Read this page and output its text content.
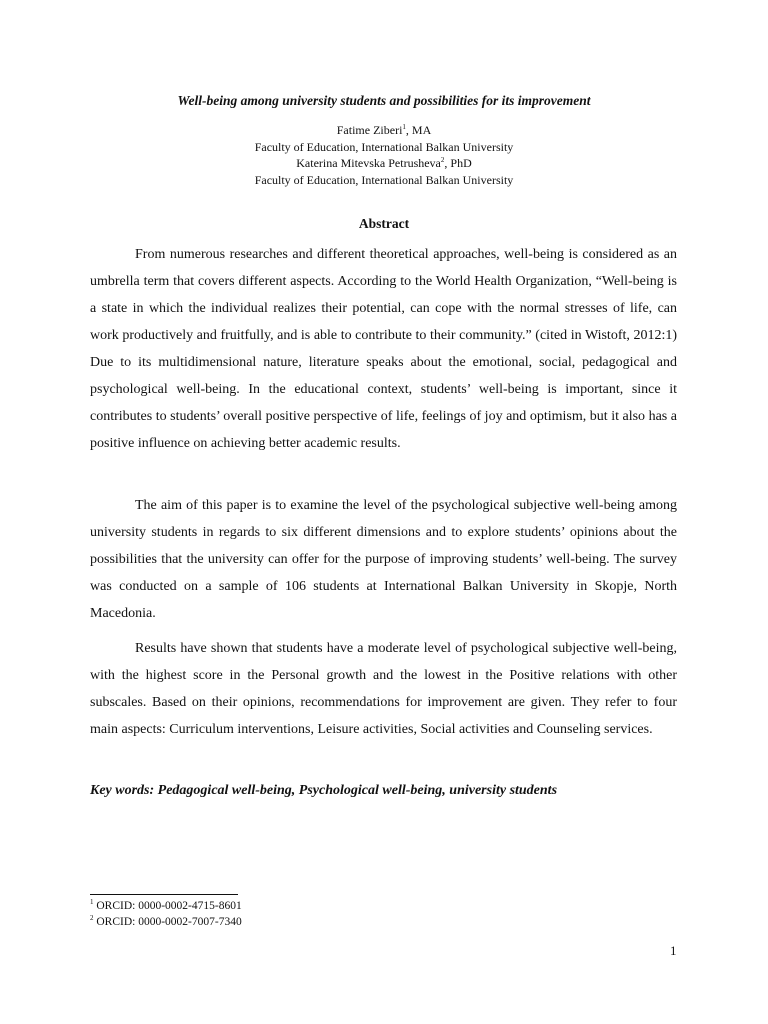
Well-being among university students and possibilities for its improvement
Fatime Ziberi$^1$, MA
Faculty of Education, International Balkan University
Katerina Mitevska Petrusheva$^2$, PhD
Faculty of Education, International Balkan University
Abstract

From numerous researches and different theoretical approaches, well-being is considered as an umbrella term that covers different aspects. According to the World Health Organization, “Well-being is a state in which the individual realizes their potential, can cope with the normal stresses of life, can work productively and fruitfully, and is able to contribute to their community.” (cited in Wistoft, 2012:1) Due to its multidimensional nature, literature speaks about the emotional, social, pedagogical and psychological well-being. In the educational context, students’ well-being is important, since it contributes to students’ overall positive perspective of life, feelings of joy and optimism, but it also has a positive influence on achieving better academic results.

The aim of this paper is to examine the level of the psychological subjective well-being among university students in regards to six different dimensions and to explore students’ opinions about the possibilities that the university can offer for the purpose of improving students’ well-being. The survey was conducted on a sample of 106 students at International Balkan University in Skopje, North Macedonia.

Results have shown that students have a moderate level of psychological subjective well-being, with the highest score in the Personal growth and the lowest in the Positive relations with other subscales. Based on their opinions, recommendations for improvement are given. They refer to four main aspects: Curriculum interventions, Leisure activities, Social activities and Counseling services.

Key words: Pedagogical well-being, Psychological well-being, university students
$^1$ ORCID: 0000-0002-4715-8601
$^2$ ORCID: 0000-0002-7007-7340
1
